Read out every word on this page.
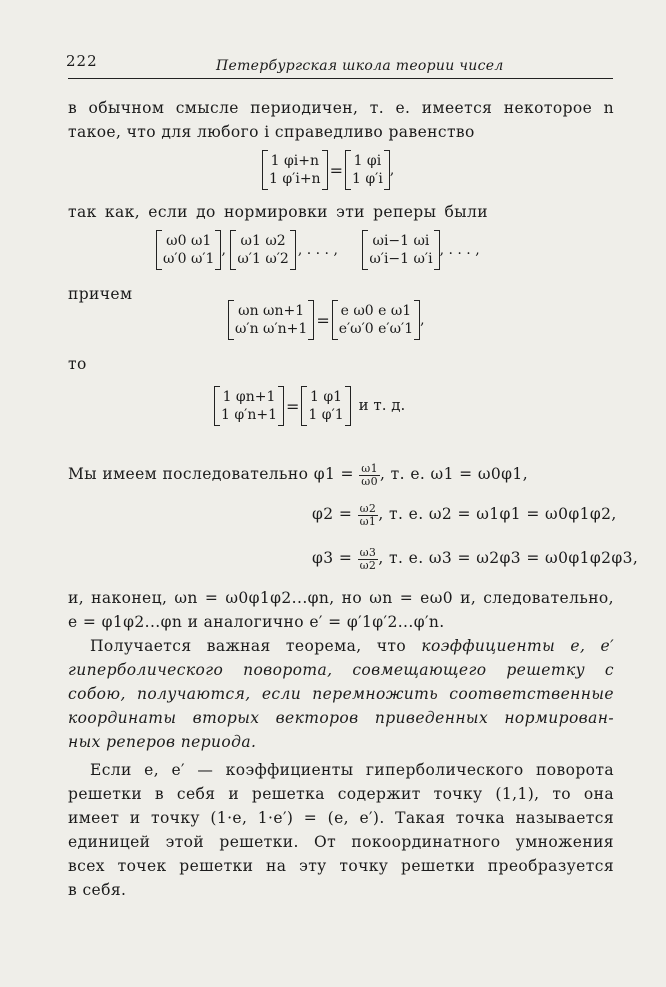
222	Петербургская школа теории чисел
в обычном смысле периодичен, т. е. имеется некоторое n
такое, что для любого i справедливо равенство
1 φi+n
1 φ′i+n = 1 φi
1 φ′i
,
так как, если до нормировки эти реперы были
ω0 ω1
ω′0 ω′1
,
ω1 ω2
ω′1 ω′2
, . . . ,
ωi−1 ωi
ω′i−1 ω′i
, . . . ,
причем
ωn ωn+1
ω′n ω′n+1 = e ω0 e ω1
e′ω′0 e′ω′1
,
то
1 φn+1
1 φ′n+1 = 1 φ1
1 φ′1
и т. д.
Мы имеем последовательно $\varphi 1 = \frac{\omega 1}{\omega 0}$ , т. е. ω1 = ω0φ1,
$\varphi 2 = \frac{\omega 2}{\omega 1}$ , т. е. ω2 = ω1φ1 = ω0φ1φ2,
$\varphi 3 = \frac{\omega 3}{\omega 2}$ , т. е. ω3 = ω2φ3 = ω0φ1φ2φ3,
и, наконец, ωn = ω0φ1φ2...φn, но ωn = eω0 и, следовательно,
e = φ1φ2...φn и аналогично e′ = φ′1φ′2...φ′n.
Получается важная теорема, что коэффициенты e, e′
гиперболического поворота, совмещающего решетку с
собою, получаются, если перемножить соответственные
координаты вторых векторов приведенных нормирован-
ных реперов периода.
Если e, e′ — коэффициенты гиперболического поворота
решетки в себя и решетка содержит точку (1,1), то она
имеет и точку (1·e, 1·e′) = (e, e′). Такая точка называется
единицей этой решетки. От покоординатного умножения
всех точек решетки на эту точку решетки преобразуется
в себя.
